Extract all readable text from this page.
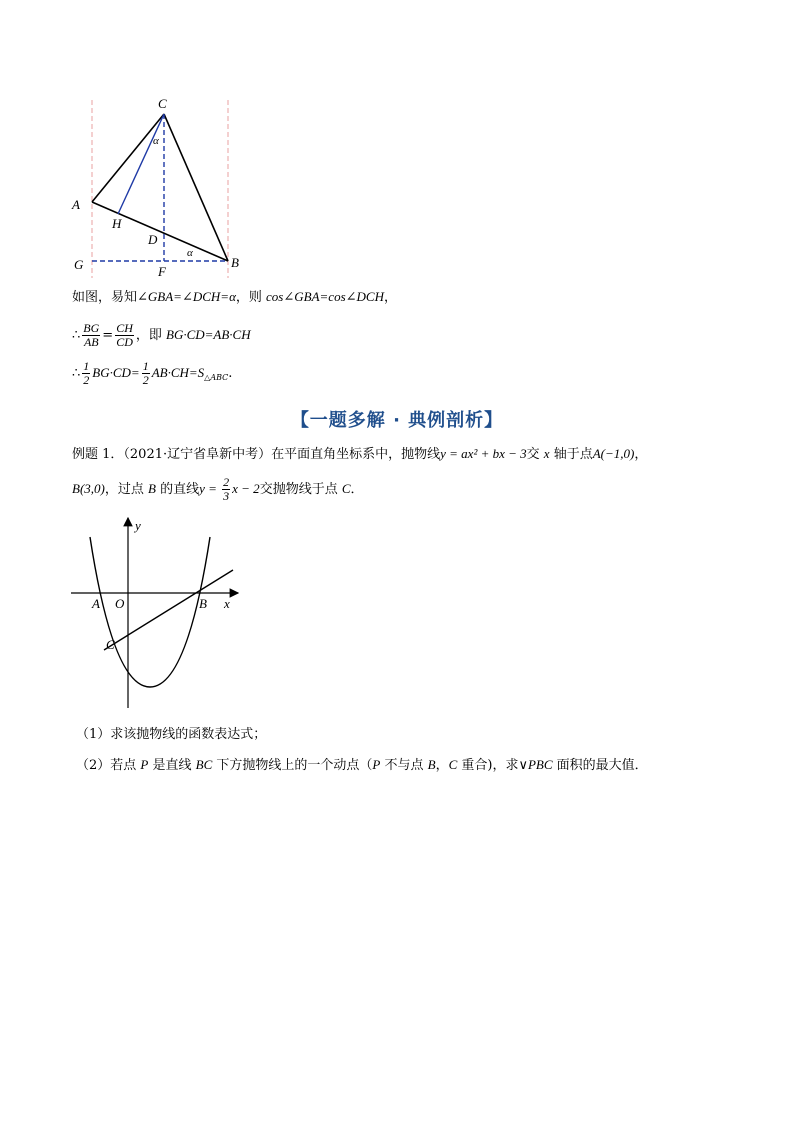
C
A
H
D
G	F
B
α
α
如图，易知∠GBA=∠DCH=α，则 cos∠GBA=cos∠DCH，
∴ $\frac{BG}{AB} = \frac{CH}{CD}$ ，即 BG·CD=AB·CH
∴ $\frac{1}{2} BG\cdot CD= \frac{1}{2} AB\cdot CH=S_{\triangle ABC}$.
【一题多解 · 典例剖析】
例题 1．（2021·辽宁省阜新中考）在平面直角坐标系中，抛物线y = ax² + bx − 3交 x 轴于点A(−1,0)，
B(3,0)，过点 B 的直线$y = \frac{2}{3}$ x − 2交抛物线于点 C．
y
x
A O	B
C
（1）求该抛物线的函数表达式；
（2）若点 P 是直线 BC 下方抛物线上的一个动点（P 不与点 B，C 重合)，求∨PBC 面积的最大值．
